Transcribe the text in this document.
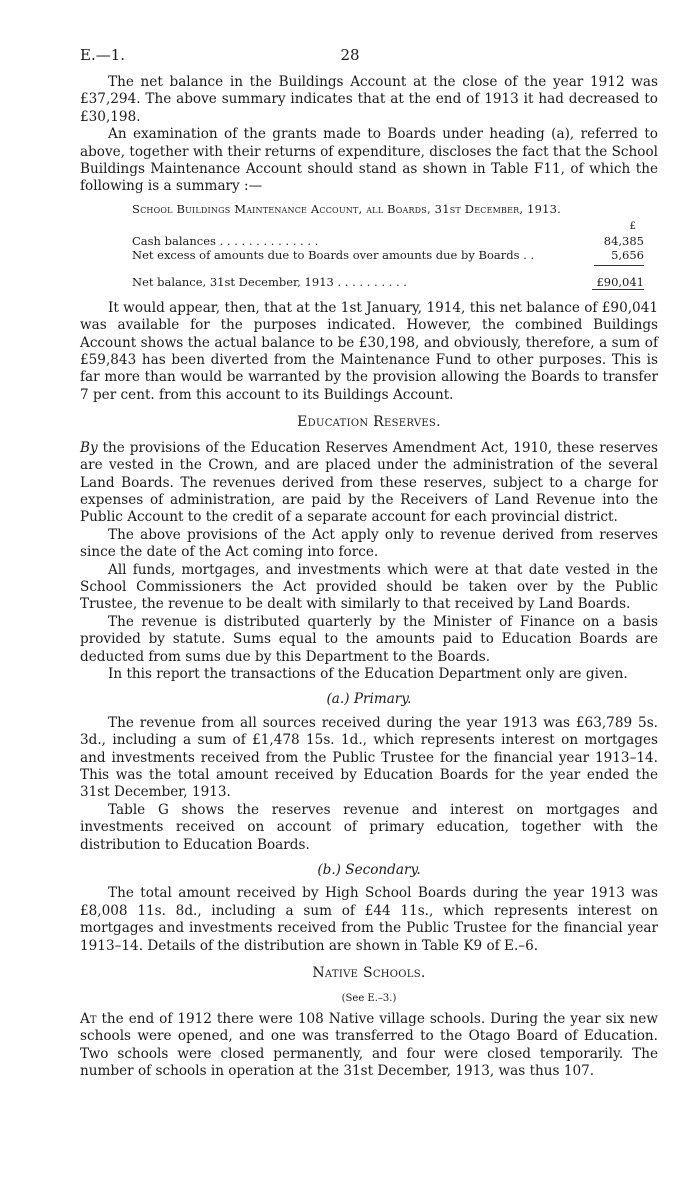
E.—1.	28

The net balance in the Buildings Account at the close of the year 1912 was £37,294. The above summary indicates that at the end of 1913 it had decreased to £30,198.

An examination of the grants made to Boards under heading (a), referred to above, together with their returns of expenditure, discloses the fact that the School Buildings Maintenance Account should stand as shown in Table F11, of which the following is a summary :—

School Buildings Maintenance Account, all Boards, 31st December, 1913.
£
Cash balances . . . . . . . . . . . . . .	84,385
Net excess of amounts due to Boards over amounts due by Boards . .	5,656
Net balance, 31st December, 1913 . . . . . . . . . .	£90,041

It would appear, then, that at the 1st January, 1914, this net balance of £90,041 was available for the purposes indicated. However, the combined Buildings Account shows the actual balance to be £30,198, and obviously, therefore, a sum of £59,843 has been diverted from the Maintenance Fund to other purposes. This is far more than would be warranted by the provision allowing the Boards to transfer 7 per cent. from this account to its Buildings Account.

Education Reserves.

By the provisions of the Education Reserves Amendment Act, 1910, these reserves are vested in the Crown, and are placed under the administration of the several Land Boards. The revenues derived from these reserves, subject to a charge for expenses of administration, are paid by the Receivers of Land Revenue into the Public Account to the credit of a separate account for each provincial district.

The above provisions of the Act apply only to revenue derived from reserves since the date of the Act coming into force.

All funds, mortgages, and investments which were at that date vested in the School Commissioners the Act provided should be taken over by the Public Trustee, the revenue to be dealt with similarly to that received by Land Boards.

The revenue is distributed quarterly by the Minister of Finance on a basis provided by statute. Sums equal to the amounts paid to Education Boards are deducted from sums due by this Department to the Boards.

In this report the transactions of the Education Department only are given.

(a.) Primary.

The revenue from all sources received during the year 1913 was £63,789 5s. 3d., including a sum of £1,478 15s. 1d., which represents interest on mortgages and investments received from the Public Trustee for the financial year 1913–14. This was the total amount received by Education Boards for the year ended the 31st December, 1913.

Table G shows the reserves revenue and interest on mortgages and investments received on account of primary education, together with the distribution to Education Boards.

(b.) Secondary.

The total amount received by High School Boards during the year 1913 was £8,008 11s. 8d., including a sum of £44 11s., which represents interest on mortgages and investments received from the Public Trustee for the financial year 1913–14. Details of the distribution are shown in Table K9 of E.–6.

Native Schools.
(See E.–3.)

At the end of 1912 there were 108 Native village schools. During the year six new schools were opened, and one was transferred to the Otago Board of Education. Two schools were closed permanently, and four were closed temporarily. The number of schools in operation at the 31st December, 1913, was thus 107.
